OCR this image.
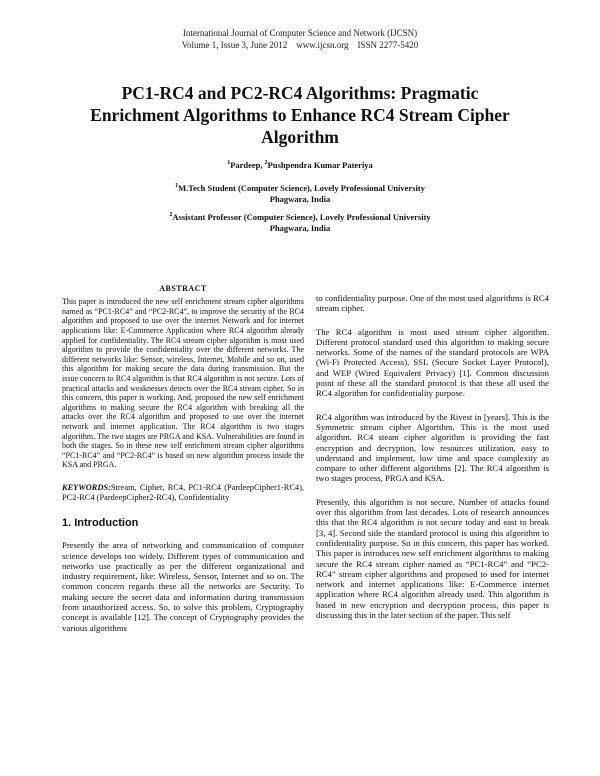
International Journal of Computer Science and Network (IJCSN)
Volume 1, Issue 3, June 2012    www.ijcsn.org    ISSN 2277-5420
PC1-RC4 and PC2-RC4 Algorithms: Pragmatic Enrichment Algorithms to Enhance RC4 Stream Cipher Algorithm
$^1$Pardeep, $^2$Pushpendra Kumar Pateriya
$^1$M.Tech Student (Computer Science), Lovely Professional University
Phagwara, India
$^2$Assistant Professor (Computer Science), Lovely Professional University
Phagwara, India
ABSTRACT
This paper is introduced the new self enrichment stream cipher algorithms named as “PC1-RC4” and “PC2-RC4”, to improve the security of the RC4 algorithm and proposed to use over the internet Network and for internet applications like: E-Commerce Application where RC4 algorithm already applied for confidentiality. The RC4 stream cipher algorithm is most used algorithm to provide the confidentiality over the different networks. The different networks like: Sensor, wireless, Internet, Mobile and so on, used this algorithm for making secure the data during transmission. But the issue concern to RC4 algorithm is that RC4 algorithm is not secure. Lots of practical attacks and weaknesses detects over the RC4 stream cipher. So in this concern, this paper is working. And, proposed the new self enrichment algorithms to making secure the RC4 algorithm with breaking all the attacks over the RC4 algorithm and proposed to use over the internet network and internet application. The RC4 algorithm is two stages algorithm. The two stages are PRGA and KSA. Vulnerabilities are found in both the stages. So in these new self enrichment stream cipher algorithms “PC1-RC4” and “PC2-RC4” is based on new algorithm process inside the KSA and PRGA.
KEYWORDS:Stream, Cipher, RC4, PC1-RC4 (PardeepCipher1-RC4), PC2-RC4 (PardeepCipher2-RC4), Confidentiality
1. Introduction
Presently the area of networking and communication of computer science develops too widely. Different types of communication and networks use practically as per the different organizational and industry requirement, like: Wireless, Sensor, Internet and so on. The common concern regards these all the networks are Security. To making secure the secret data and information during transmission from unauthorized access. So, to solve this problem, Cryptography concept is available [12]. The concept of Cryptography provides the various algorithms

to confidentiality purpose. One of the most used algorithms is RC4 stream cipher.

The RC4 algorithm is most used stream cipher algorithm. Different protocol standard used this algorithm to making secure networks. Some of the names of the standard protocols are WPA (Wi-Fi Protected Access), SSL (Secure Socket Layer Protocol), and WEP (Wired Equivalent Privacy) [1]. Common discussion point of these all the standard protocol is that these all used the RC4 algorithm for confidentiality purpose.

RC4 algorithm was introduced by the Rivest in [years]. This is the Symmetric stream cipher Algorithm. This is the most used algorithm. RC4 steam cipher algorithm is providing the fast encryption and decryption, low resources utilization, easy to understand and implement, low time and space complexity as compare to other different algorithms [2]. The RC4 algorithm is two stages process, PRGA and KSA.

Presently, this algorithm is not secure. Number of attacks found over this algorithm from last decades. Lots of research announces this that the RC4 algorithm is not secure today and east to break [3, 4]. Second side the standard protocol is using this algorithm to confidentiality purpose. So in this concern, this paper has worked. This paper is introduces new self enrichment algorithms to making secure the RC4 stream cipher named as “PC1-RC4” and “PC2-RC4” stream cipher algorithms and proposed to used for internet network and internet applications like: E-Commerce internet application where RC4 algorithm already used. This algorithm is based in new encryption and decryption process, this paper is discussing this in the later section of the paper. This self
